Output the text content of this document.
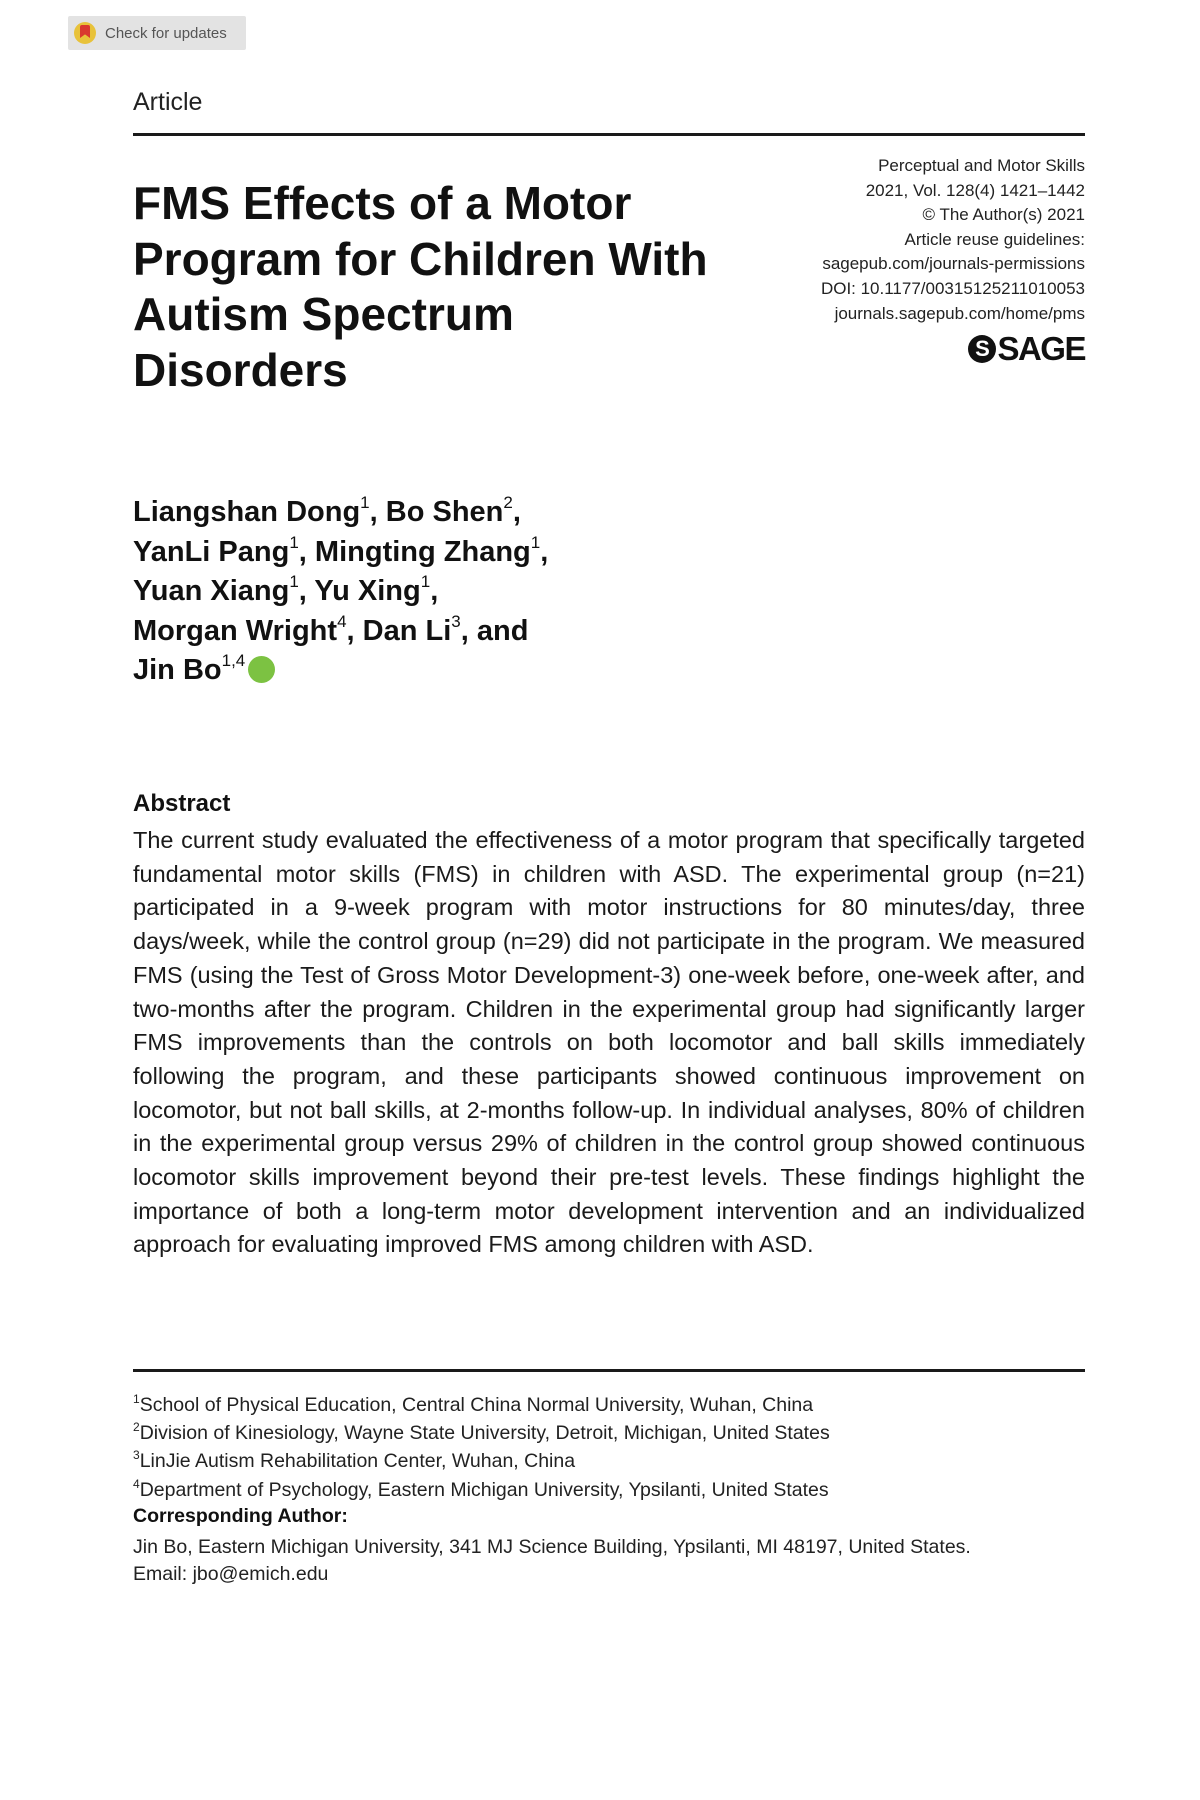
Check for updates
Article
FMS Effects of a Motor Program for Children With Autism Spectrum Disorders
Perceptual and Motor Skills
2021, Vol. 128(4) 1421–1442
© The Author(s) 2021
Article reuse guidelines:
sagepub.com/journals-permissions
DOI: 10.1177/00315125211010053
journals.sagepub.com/home/pms
S SAGE
Liangshan Dong$^1$, Bo Shen$^2$,
YanLi Pang$^1$, Mingting Zhang$^1$,
Yuan Xiang$^1$, Yu Xing$^1$,
Morgan Wright$^4$, Dan Li$^3$, and
Jin Bo$^{1,4}$
Abstract

The current study evaluated the effectiveness of a motor program that specifically targeted fundamental motor skills (FMS) in children with ASD. The experimental group (n=21) participated in a 9-week program with motor instructions for 80 minutes/day, three days/week, while the control group (n=29) did not participate in the program. We measured FMS (using the Test of Gross Motor Development-3) one-week before, one-week after, and two-months after the program. Children in the experimental group had significantly larger FMS improvements than the controls on both locomotor and ball skills immediately following the program, and these participants showed continuous improvement on locomotor, but not ball skills, at 2-months follow-up. In individual analyses, 80% of children in the experimental group versus 29% of children in the control group showed continuous locomotor skills improvement beyond their pre-test levels. These findings highlight the importance of both a long-term motor development intervention and an individualized approach for evaluating improved FMS among children with ASD.

$^1$School of Physical Education, Central China Normal University, Wuhan, China
$^2$Division of Kinesiology, Wayne State University, Detroit, Michigan, United States
$^3$LinJie Autism Rehabilitation Center, Wuhan, China
$^4$Department of Psychology, Eastern Michigan University, Ypsilanti, United States
Corresponding Author:
Jin Bo, Eastern Michigan University, 341 MJ Science Building, Ypsilanti, MI 48197, United States.
Email: jbo@emich.edu
